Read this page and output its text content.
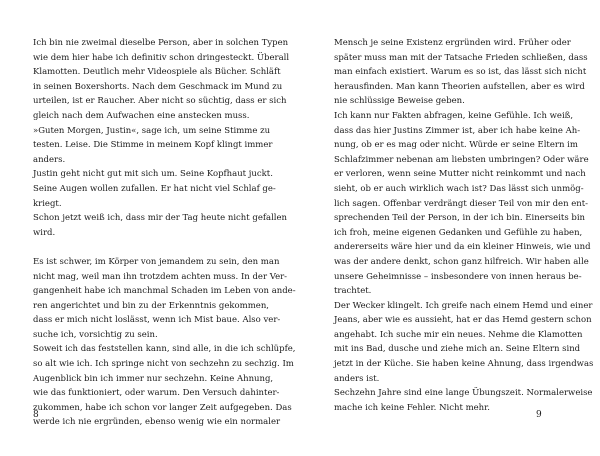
Ich bin nie zweimal dieselbe Person, aber in solchen Typen
wie dem hier habe ich definitiv schon dringesteckt. Überall
Klamotten. Deutlich mehr Videospiele als Bücher. Schläft
in seinen Boxershorts. Nach dem Geschmack im Mund zu
urteilen, ist er Raucher. Aber nicht so süchtig, dass er sich
gleich nach dem Aufwachen eine anstecken muss.
»Guten Morgen, Justin«, sage ich, um seine Stimme zu
testen. Leise. Die Stimme in meinem Kopf klingt immer
anders.
Justin geht nicht gut mit sich um. Seine Kopfhaut juckt.
Seine Augen wollen zufallen. Er hat nicht viel Schlaf ge-
kriegt.
Schon jetzt weiß ich, dass mir der Tag heute nicht gefallen
wird.
Es ist schwer, im Körper von jemandem zu sein, den man
nicht mag, weil man ihn trotzdem achten muss. In der Ver-
gangenheit habe ich manchmal Schaden im Leben von ande-
ren angerichtet und bin zu der Erkenntnis gekommen,
dass er mich nicht loslässt, wenn ich Mist baue. Also ver-
suche ich, vorsichtig zu sein.
Soweit ich das feststellen kann, sind alle, in die ich schlüpfe,
so alt wie ich. Ich springe nicht von sechzehn zu sechzig. Im
Augenblick bin ich immer nur sechzehn. Keine Ahnung,
wie das funktioniert, oder warum. Den Versuch dahinter-
zukommen, habe ich schon vor langer Zeit aufgegeben. Das
werde ich nie ergründen, ebenso wenig wie ein normaler
Mensch je seine Existenz ergründen wird. Früher oder
später muss man mit der Tatsache Frieden schließen, dass
man einfach existiert. Warum es so ist, das lässt sich nicht
herausfinden. Man kann Theorien aufstellen, aber es wird
nie schlüssige Beweise geben.
Ich kann nur Fakten abfragen, keine Gefühle. Ich weiß,
dass das hier Justins Zimmer ist, aber ich habe keine Ah-
nung, ob er es mag oder nicht. Würde er seine Eltern im
Schlafzimmer nebenan am liebsten umbringen? Oder wäre
er verloren, wenn seine Mutter nicht reinkommt und nach
sieht, ob er auch wirklich wach ist? Das lässt sich unmög-
lich sagen. Offenbar verdrängt dieser Teil von mir den ent-
sprechenden Teil der Person, in der ich bin. Einerseits bin
ich froh, meine eigenen Gedanken und Gefühle zu haben,
andererseits wäre hier und da ein kleiner Hinweis, wie und
was der andere denkt, schon ganz hilfreich. Wir haben alle
unsere Geheimnisse – insbesondere von innen heraus be-
trachtet.
Der Wecker klingelt. Ich greife nach einem Hemd und einer
Jeans, aber wie es aussieht, hat er das Hemd gestern schon
angehabt. Ich suche mir ein neues. Nehme die Klamotten
mit ins Bad, dusche und ziehe mich an. Seine Eltern sind
jetzt in der Küche. Sie haben keine Ahnung, dass irgendwas
anders ist.
Sechzehn Jahre sind eine lange Übungszeit. Normalerweise
mache ich keine Fehler. Nicht mehr.
8	9
